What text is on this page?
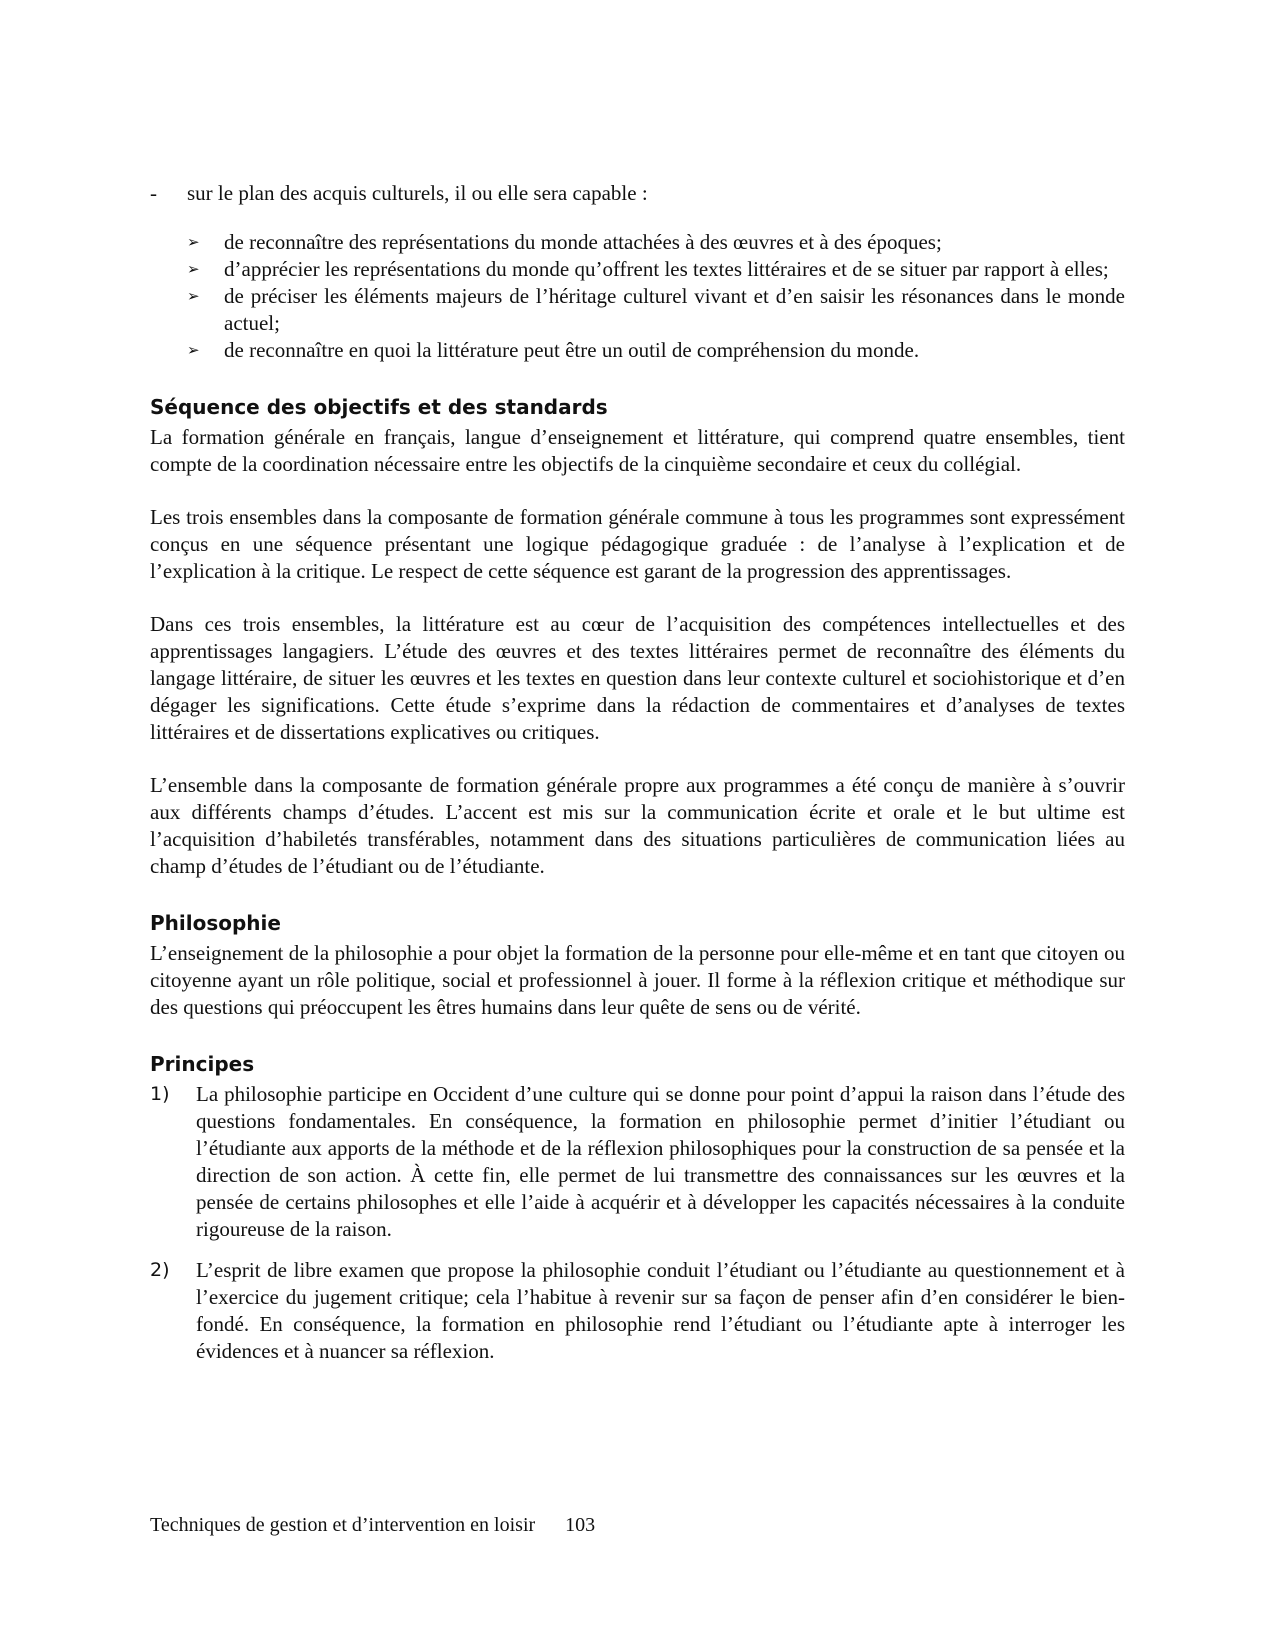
-	sur le plan des acquis culturels, il ou elle sera capable :
➢	de reconnaître des représentations du monde attachées à des œuvres et à des époques;
➢	d’apprécier les représentations du monde qu’offrent les textes littéraires et de se situer par rapport à elles;
➢	de préciser les éléments majeurs de l’héritage culturel vivant et d’en saisir les résonances dans le monde actuel;
➢	de reconnaître en quoi la littérature peut être un outil de compréhension du monde.
Séquence des objectifs et des standards

La formation générale en français, langue d’enseignement et littérature, qui comprend quatre ensembles, tient compte de la coordination nécessaire entre les objectifs de la cinquième secondaire et ceux du collégial.

Les trois ensembles dans la composante de formation générale commune à tous les programmes sont expressément conçus en une séquence présentant une logique pédagogique graduée : de l’analyse à l’explication et de l’explication à la critique. Le respect de cette séquence est garant de la progression des apprentissages.

Dans ces trois ensembles, la littérature est au cœur de l’acquisition des compétences intellectuelles et des apprentissages langagiers. L’étude des œuvres et des textes littéraires permet de reconnaître des éléments du langage littéraire, de situer les œuvres et les textes en question dans leur contexte culturel et sociohistorique et d’en dégager les significations. Cette étude s’exprime dans la rédaction de commentaires et d’analyses de textes littéraires et de dissertations explicatives ou critiques.

L’ensemble dans la composante de formation générale propre aux programmes a été conçu de manière à s’ouvrir aux différents champs d’études. L’accent est mis sur la communication écrite et orale et le but ultime est l’acquisition d’habiletés transférables, notamment dans des situations particulières de communication liées au champ d’études de l’étudiant ou de l’étudiante.

Philosophie

L’enseignement de la philosophie a pour objet la formation de la personne pour elle-même et en tant que citoyen ou citoyenne ayant un rôle politique, social et professionnel à jouer. Il forme à la réflexion critique et méthodique sur des questions qui préoccupent les êtres humains dans leur quête de sens ou de vérité.

Principes
1)	La philosophie participe en Occident d’une culture qui se donne pour point d’appui la raison dans l’étude des questions fondamentales. En conséquence, la formation en philosophie permet d’initier l’étudiant ou l’étudiante aux apports de la méthode et de la réflexion philosophiques pour la construction de sa pensée et la direction de son action. À cette fin, elle permet de lui transmettre des connaissances sur les œuvres et la pensée de certains philosophes et elle l’aide à acquérir et à développer les capacités nécessaires à la conduite rigoureuse de la raison.
2)	L’esprit de libre examen que propose la philosophie conduit l’étudiant ou l’étudiante au questionnement et à l’exercice du jugement critique; cela l’habitue à revenir sur sa façon de penser afin d’en considérer le bien-fondé. En conséquence, la formation en philosophie rend l’étudiant ou l’étudiante apte à interroger les évidences et à nuancer sa réflexion.
Techniques de gestion et d’intervention en loisir 103
